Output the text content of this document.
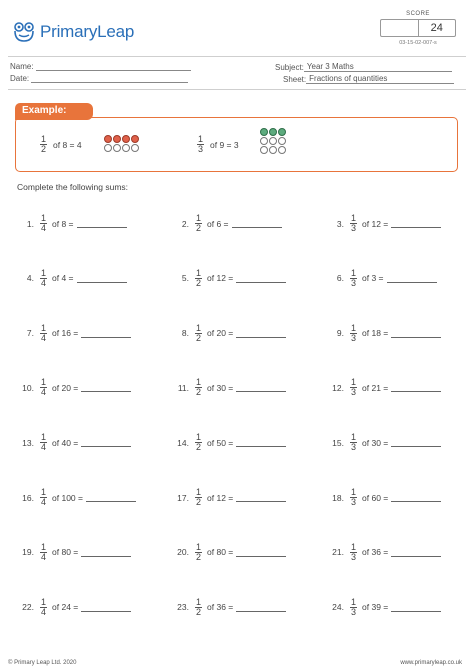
PrimaryLeap
SCORE
24
03-15-02-007-s
Name:
Date:
Subject: Year 3 Maths
Sheet: Fractions of quantities
Example:
$\frac{1}{2}$ of 8 = 4	$\frac{1}{3}$ of 9 = 3
Complete the following sums:
1. $\frac{1}{4}$ of 8 =	2. $\frac{1}{2}$ of 6 =	3. $\frac{1}{3}$ of 12 =
4. $\frac{1}{4}$ of 4 =	5. $\frac{1}{2}$ of 12 =	6. $\frac{1}{3}$ of 3 =
7. $\frac{1}{4}$ of 16 =	8. $\frac{1}{2}$ of 20 =	9. $\frac{1}{3}$ of 18 =
10. $\frac{1}{4}$ of 20 =	11. $\frac{1}{2}$ of 30 =	12. $\frac{1}{3}$ of 21 =
13. $\frac{1}{4}$ of 40 =	14. $\frac{1}{2}$ of 50 =	15. $\frac{1}{3}$ of 30 =
16. $\frac{1}{4}$ of 100 =	17. $\frac{1}{2}$ of 12 =	18. $\frac{1}{3}$ of 60 =
19. $\frac{1}{4}$ of 80 =	20. $\frac{1}{2}$ of 80 =	21. $\frac{1}{3}$ of 36 =
22. $\frac{1}{4}$ of 24 =	23. $\frac{1}{2}$ of 36 =	24. $\frac{1}{3}$ of 39 =
© Primary Leap Ltd. 2020	www.primaryleap.co.uk
